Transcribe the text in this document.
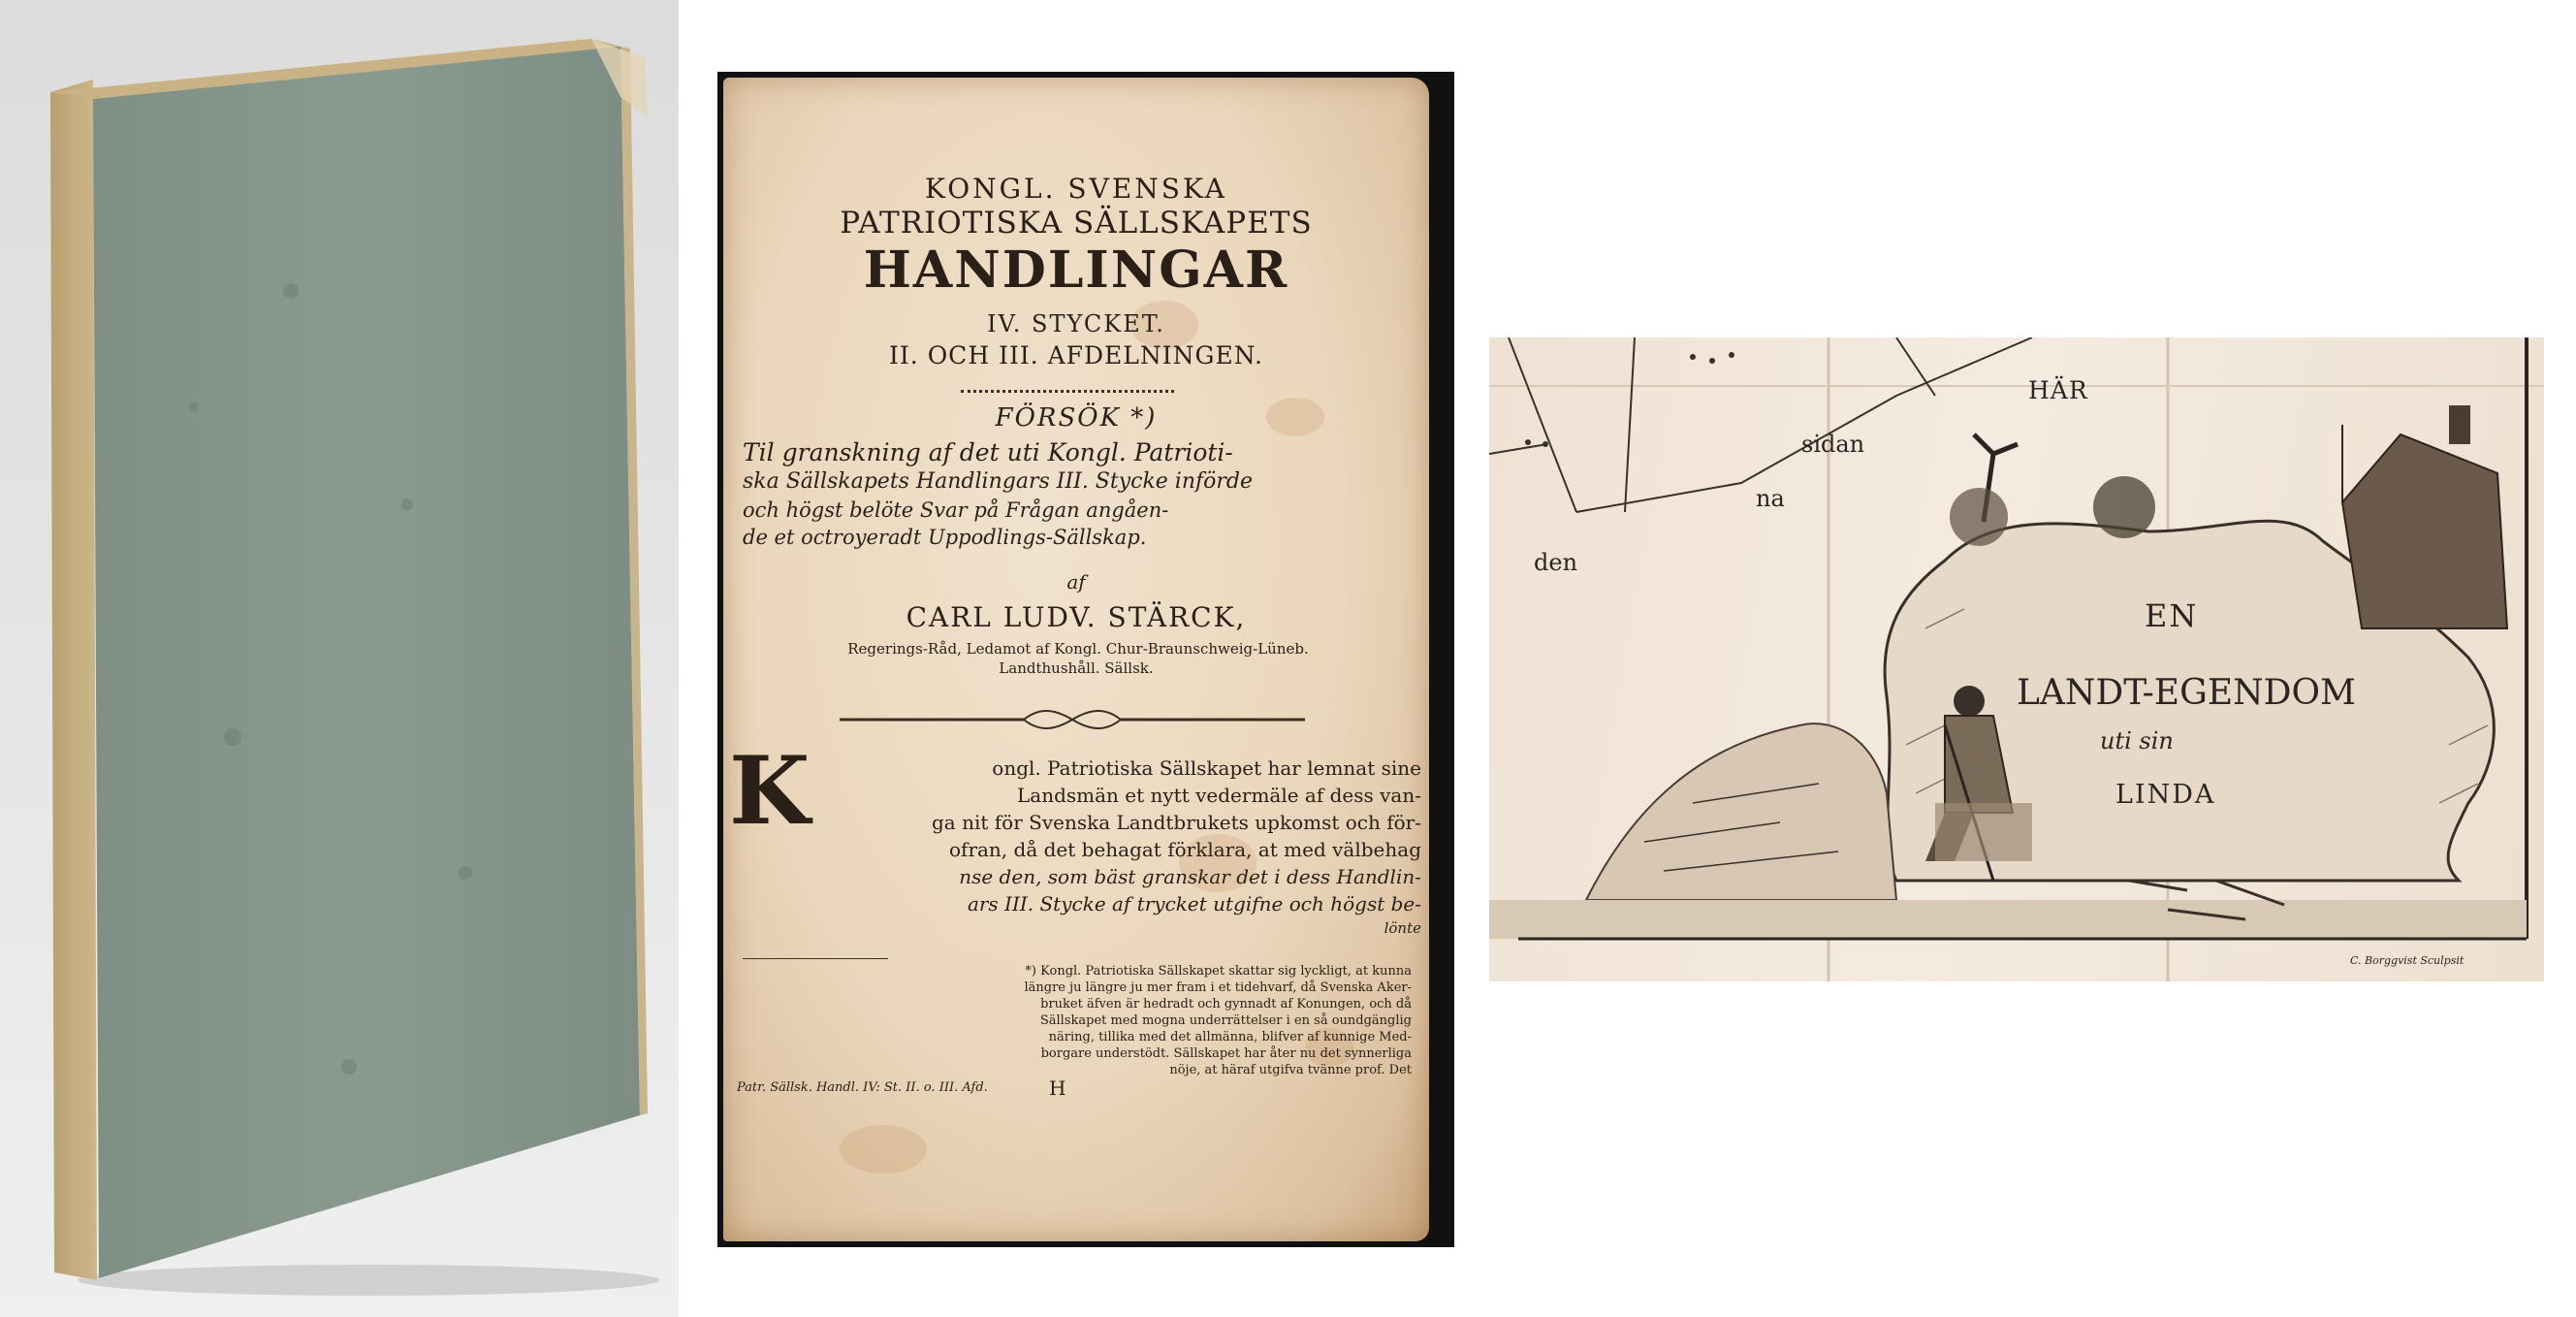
KONGL. SVENSKA
PATRIOTISKA SÄLLSKAPETS
HANDLINGAR
IV. STYCKET.
II. OCH III. AFDELNINGEN.
FÖRSÖK *)
Til granskning af det uti Kongl. Patrioti-
ska Sällskapets Handlingars III. Stycke införde
och högst belöte Svar på Frågan angåen-
de et octroyeradt Uppodlings-Sällskap.
af
CARL LUDV. STÄRCK,
Regerings-Råd, Ledamot af Kongl. Chur-Braunschweig-Lüneb.
Landthushåll. Sällsk.
K	ongl. Patriotiska Sällskapet har lemnat sine
Landsmän et nytt vedermäle af dess van-
ga nit för Svenska Landtbrukets upkomst och för-
ofran, då det behagat förklara, at med välbehag
nse den, som bäst granskar det i dess Handlin-
ars III. Stycke af trycket utgifne och högst be-
lönte
*) Kongl. Patriotiska Sällskapet skattar sig lyckligt, at kunna
längre ju längre ju mer fram i et tidehvarf, då Svenska Aker-
bruket äfven är hedradt och gynnadt af Konungen, och då
Sällskapet med mogna underrättelser i en så oundgänglig
näring, tillika med det allmänna, blifver af kunnige Med-
borgare understödt. Sällskapet har åter nu det synnerliga
nöje, at häraf utgifva tvänne prof. Det
Patr. Sällsk. Handl. IV: St. II. o. III. Afd.	H
HÄR
sidan
na
den
EN
LANDT-EGENDOM
uti sin
LINDA
C. Borggvist Sculpsit
